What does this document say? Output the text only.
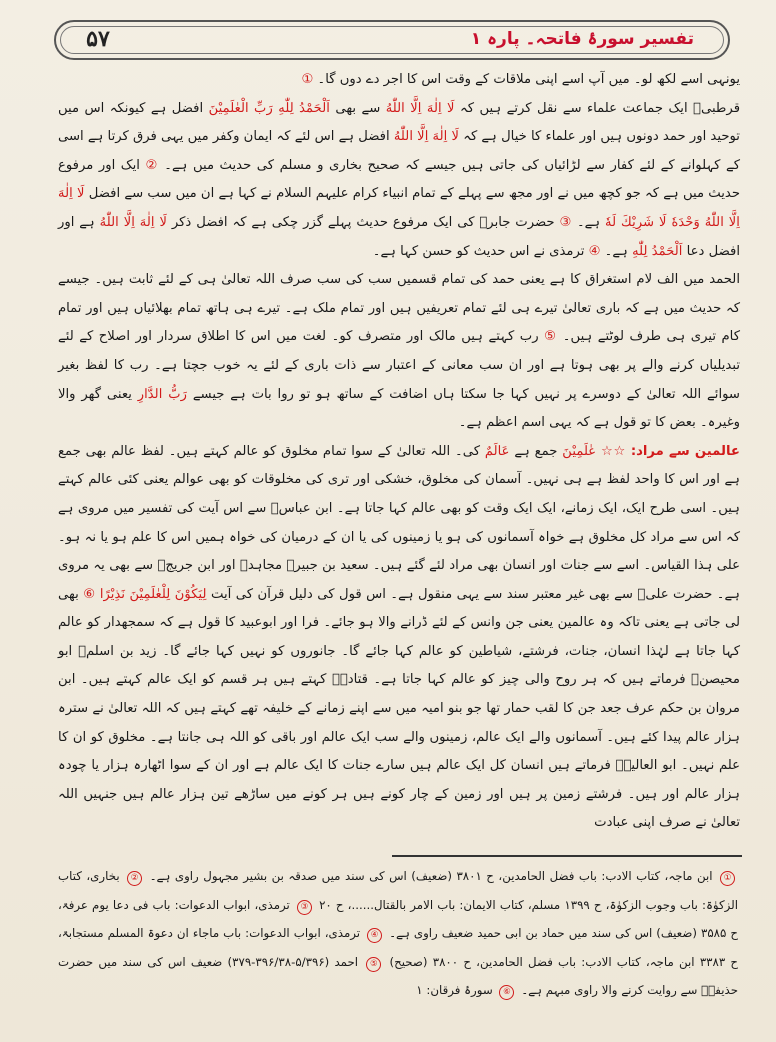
۵۷	تفسیر سورۂ فاتحہ۔ پارہ ۱

یونہی اسے لکھ لو۔ میں آپ اسے اپنی ملاقات کے وقت اس کا اجر دے دوں گا۔ ①

قرطبیؒ ایک جماعت علماء سے نقل کرتے ہیں کہ لَا اِلٰهَ اِلَّا اللّٰهُ سے بھی اَلْحَمْدُ لِلّٰهِ رَبِّ الْعٰلَمِيْنَ افضل ہے کیونکہ اس میں توحید اور حمد دونوں ہیں اور علماء کا خیال ہے کہ لَا اِلٰهَ اِلَّا اللّٰهُ افضل ہے اس لئے کہ ایمان وکفر میں یہی فرق کرتا ہے اسی کے کہلوانے کے لئے کفار سے لڑائیاں کی جاتی ہیں جیسے کہ صحیح بخاری و مسلم کی حدیث میں ہے۔ ② ایک اور مرفوع حدیث میں ہے کہ جو کچھ میں نے اور مجھ سے پہلے کے تمام انبیاء کرام علیہم السلام نے کہا ہے ان میں سب سے افضل لَا اِلٰهَ اِلَّا اللّٰهُ وَحْدَهٗ لَا شَرِيْكَ لَهٗ ہے۔ ③ حضرت جابرؓ کی ایک مرفوع حدیث پہلے گزر چکی ہے کہ افضل ذکر لَا اِلٰهَ اِلَّا اللّٰهُ ہے اور افضل دعا اَلْحَمْدُ لِلّٰهِ ہے۔ ④ ترمذی نے اس حدیث کو حسن کہا ہے۔

الحمد میں الف لام استغراق کا ہے یعنی حمد کی تمام قسمیں سب کی سب صرف اللہ تعالیٰ ہی کے لئے ثابت ہیں۔ جیسے کہ حدیث میں ہے کہ باری تعالیٰ تیرے ہی لئے تمام تعریفیں ہیں اور تمام ملک ہے۔ تیرے ہی ہاتھ تمام بھلائیاں ہیں اور تمام کام تیری ہی طرف لوٹتے ہیں۔ ⑤ رب کہتے ہیں مالک اور متصرف کو۔ لغت میں اس کا اطلاق سردار اور اصلاح کے لئے تبدیلیاں کرنے والے پر بھی ہوتا ہے اور ان سب معانی کے اعتبار سے ذات باری کے لئے یہ خوب جچتا ہے۔ رب کا لفظ بغیر سوائے اللہ تعالیٰ کے دوسرے پر نہیں کہا جا سکتا ہاں اضافت کے ساتھ ہو تو روا بات ہے جیسے رَبُّ الدَّارِ یعنی گھر والا وغیرہ۔ بعض کا تو قول ہے کہ یہی اسم اعظم ہے۔

عالمین سے مراد: ☆☆ عٰلَمِيْنَ جمع ہے عَالَمٌ کی۔ اللہ تعالیٰ کے سوا تمام مخلوق کو عالم کہتے ہیں۔ لفظ عالم بھی جمع ہے اور اس کا واحد لفظ ہے ہی نہیں۔ آسمان کی مخلوق، خشکی اور تری کی مخلوقات کو بھی عوالم یعنی کئی عالم کہتے ہیں۔ اسی طرح ایک، ایک زمانے، ایک ایک وقت کو بھی عالم کہا جاتا ہے۔ ابن عباسؓ سے اس آیت کی تفسیر میں مروی ہے کہ اس سے مراد کل مخلوق ہے خواہ آسمانوں کی ہو یا زمینوں کی یا ان کے درمیان کی خواہ ہمیں اس کا علم ہو یا نہ ہو۔ علی ہذا القیاس۔ اسے سے جنات اور انسان بھی مراد لئے گئے ہیں۔ سعید بن جبیرؒ مجاہدؒ اور ابن جریجؒ سے بھی یہ مروی ہے۔ حضرت علیؓ سے بھی غیر معتبر سند سے یہی منقول ہے۔ اس قول کی دلیل قرآن کی آیت لِيَكُوْنَ لِلْعٰلَمِيْنَ نَذِيْرًا ⑥ بھی لی جاتی ہے یعنی تاکہ وہ عالمین یعنی جن وانس کے لئے ڈرانے والا ہو جائے۔ فرا اور ابوعبید کا قول ہے کہ سمجھدار کو عالم کہا جاتا ہے لہٰذا انسان، جنات، فرشتے، شیاطین کو عالم کہا جائے گا۔ جانوروں کو نہیں کہا جائے گا۔ زید بن اسلمؒ ابو محیصنؒ فرماتے ہیں کہ ہر روح والی چیز کو عالم کہا جاتا ہے۔ قتادہؒ کہتے ہیں ہر قسم کو ایک عالم کہتے ہیں۔ ابن مروان بن حکم عرف جعد جن کا لقب حمار تھا جو بنو امیہ میں سے اپنے زمانے کے خلیفہ تھے کہتے ہیں کہ اللہ تعالیٰ نے سترہ ہزار عالم پیدا کئے ہیں۔ آسمانوں والے ایک عالم، زمینوں والے سب ایک عالم اور باقی کو اللہ ہی جانتا ہے۔ مخلوق کو ان کا علم نہیں۔ ابو العالیہؒ فرماتے ہیں انسان کل ایک عالم ہیں سارے جنات کا ایک عالم ہے اور ان کے سوا اٹھارہ ہزار یا چودہ ہزار عالم اور ہیں۔ فرشتے زمین پر ہیں اور زمین کے چار کونے ہیں ہر کونے میں ساڑھے تین ہزار عالم ہیں جنہیں اللہ تعالیٰ نے صرف اپنی عبادت

① ابن ماجہ، کتاب الادب: باب فضل الحامدین، ح ۳۸۰۱ (ضعیف) اس کی سند میں صدقہ بن بشیر مجہول راوی ہے۔ ② بخاری، کتاب الزکوٰۃ: باب وجوب الزکوٰۃ، ح ۱۳۹۹ مسلم، کتاب الایمان: باب الامر بالقتال......، ح ۲۰ ③ ترمذی، ابواب الدعوات: باب فی دعا یوم عرفۃ، ح ۳۵۸۵ (ضعیف) اس کی سند میں حماد بن ابی حمید ضعیف راوی ہے۔ ④ ترمذی، ابواب الدعوات: باب ماجاء ان دعوۃ المسلم مستجابۃ، ح ۳۳۸۳ ابن ماجہ، کتاب الادب: باب فضل الحامدین، ح ۳۸۰۰ (صحیح) ⑤ احمد (۵/۳۹۶-۳۹۶/۳۸-۳۷۹) ضعیف اس کی سند میں حضرت حذیفہؓ سے روایت کرنے والا راوی مبہم ہے۔ ⑥ سورۂ فرقان: ۱
